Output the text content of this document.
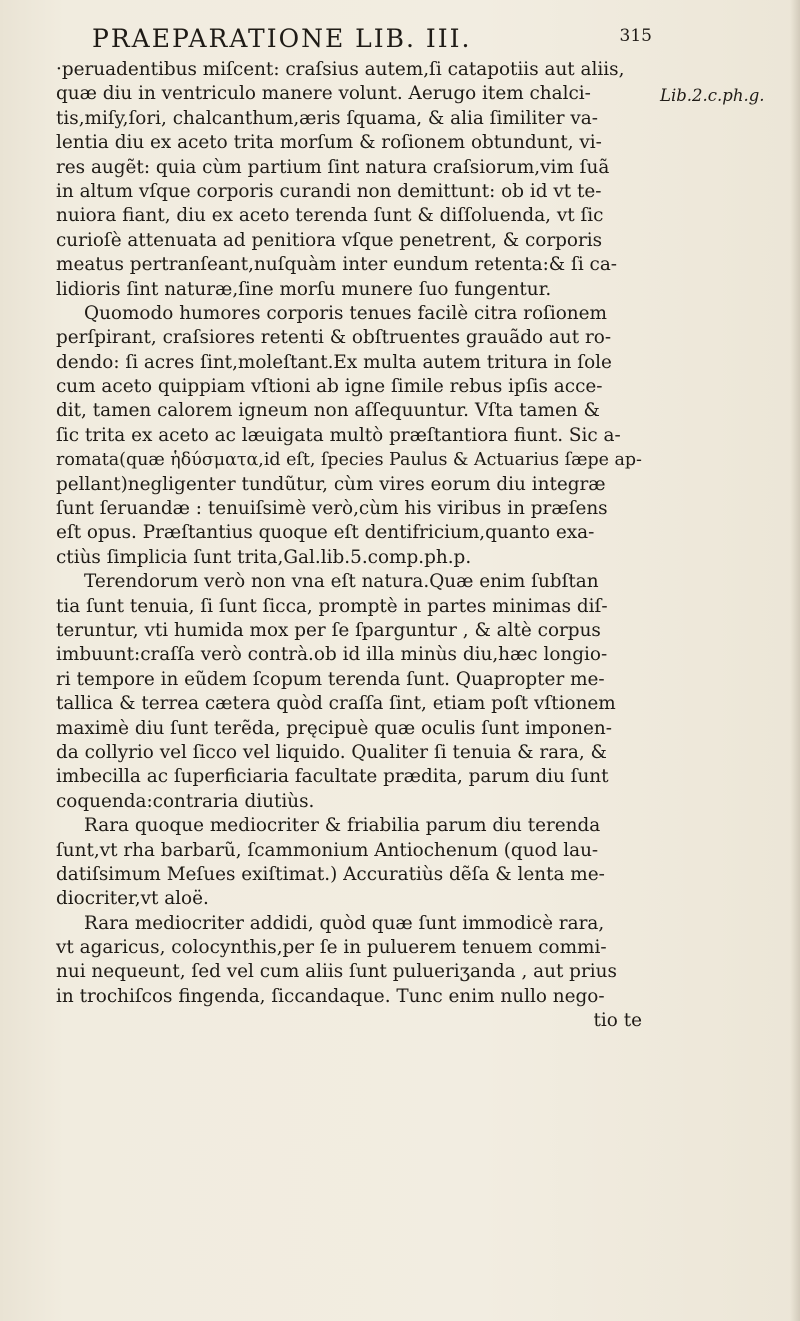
PRAEPARATIONE LIB. III.	315
Lib.2.c.ph.g.
·peruadentibus miſcent: craſsius autem,ſi catapotiis aut aliis,
quæ diu in ventriculo manere volunt. Aerugo item chalci-
tis,miſy,ſori, chalcanthum,æris ſquama, & alia ſimiliter va-
lentia diu ex aceto trita morſum & roſionem obtundunt, vi-
res augẽt: quia cùm partium ſint natura craſsiorum,vim ſuã
in altum vſque corporis curandi non demittunt: ob id vt te-
nuiora fiant, diu ex aceto terenda ſunt & diſſoluenda, vt ſic
curioſè attenuata ad penitiora vſque penetrent, & corporis
meatus pertranſeant,nuſquàm inter eundum retenta:& ſi ca-
lidioris ſint naturæ,ſine morſu munere ſuo fungentur.
Quomodo humores corporis tenues facilè citra roſionem
perſpirant, craſsiores retenti & obſtruentes grauãdo aut ro-
dendo: ſi acres ſint,moleſtant.Ex multa autem tritura in ſole
cum aceto quippiam vſtioni ab igne ſimile rebus ipſis acce-
dit, tamen calorem igneum non aſſequuntur. Vſta tamen &
ſic trita ex aceto ac læuigata multò præſtantiora fiunt. Sic a-
romata(quæ ἡδύσματα,id eſt, ſpecies Paulus & Actuarius ſæpe ap-
pellant)negligenter tundũtur, cùm vires eorum diu integræ
ſunt ſeruandæ : tenuiſsimè verò,cùm his viribus in præſens
eſt opus. Præſtantius quoque eſt dentifricium,quanto exa-
ctiùs ſimplicia ſunt trita,Gal.lib.5.comp.ph.p.
Terendorum verò non vna eſt natura.Quæ enim ſubſtan
tia ſunt tenuia, ſi ſunt ſicca, promptè in partes minimas diſ-
teruntur, vti humida mox per ſe ſparguntur , & altè corpus
imbuunt:craſſa verò contrà.ob id illa minùs diu,hæc longio-
ri tempore in eũdem ſcopum terenda ſunt. Quapropter me-
tallica & terrea cætera quòd craſſa ſint, etiam poſt vſtionem
maximè diu ſunt terẽda, pręcipuè quæ oculis ſunt imponen-
da collyrio vel ſicco vel liquido. Qualiter ſi tenuia & rara, &
imbecilla ac ſuperficiaria facultate prædita, parum diu ſunt
coquenda:contraria diutiùs.
Rara quoque mediocriter & friabilia parum diu terenda
ſunt,vt rha barbarũ, ſcammonium Antiochenum (quod lau-
datiſsimum Meſues exiſtimat.) Accuratiùs dẽſa & lenta me-
diocriter,vt aloë.
Rara mediocriter addidi, quòd quæ ſunt immodicè rara,
vt agaricus, colocynthis,per ſe in puluerem tenuem commi-
nui nequeunt, ſed vel cum aliis ſunt pulueriʒanda , aut prius
in trochiſcos fingenda, ſiccandaque. Tunc enim nullo nego-
tio te
